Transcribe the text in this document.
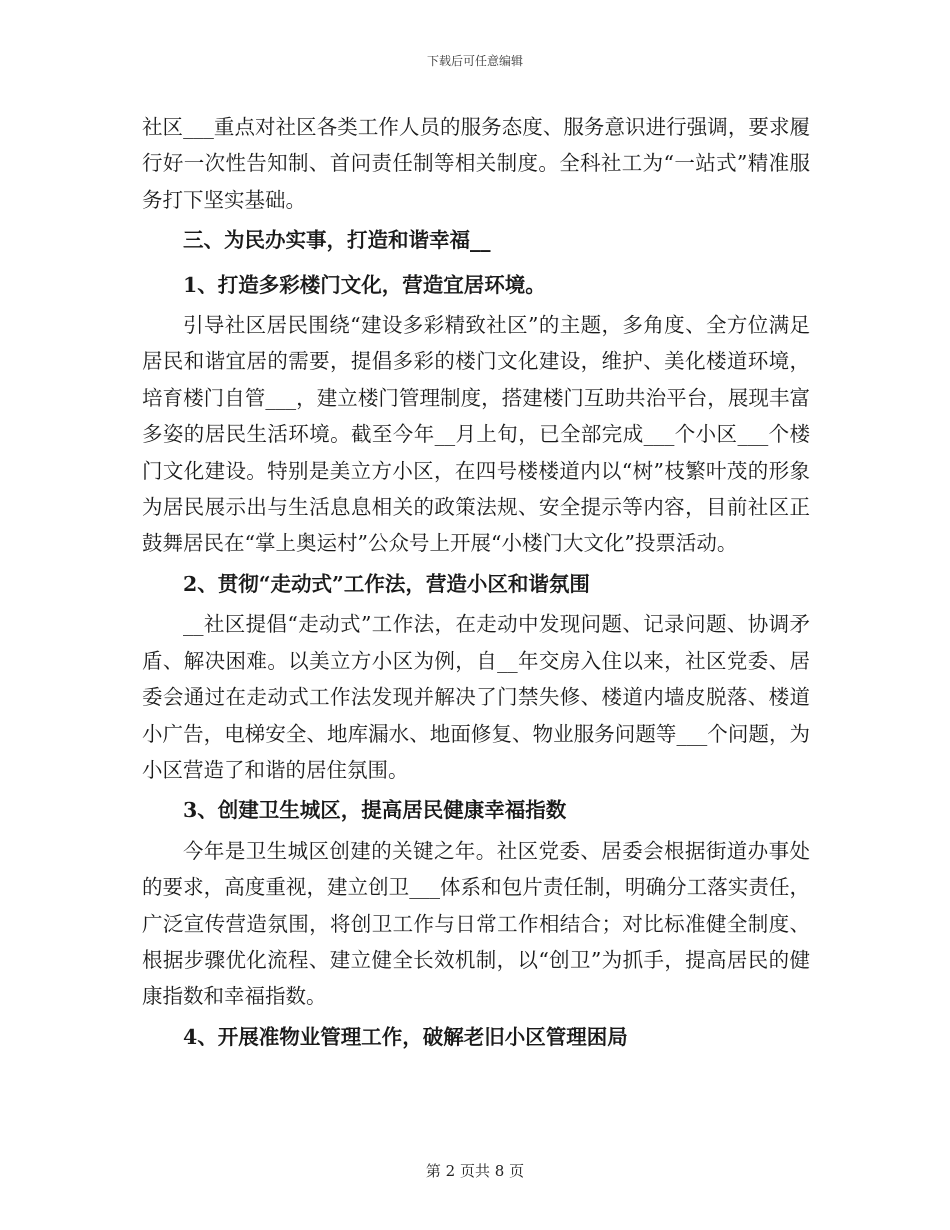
下载后可任意编辑

社区___重点对社区各类工作人员的服务态度、服务意识进行强调，要求履行好一次性告知制、首问责任制等相关制度。全科社工为“一站式”精准服务打下坚实基础。

三、为民办实事，打造和谐幸福__

1、打造多彩楼门文化，营造宜居环境。

引导社区居民围绕“建设多彩精致社区”的主题，多角度、全方位满足居民和谐宜居的需要，提倡多彩的楼门文化建设，维护、美化楼道环境，培育楼门自管___，建立楼门管理制度，搭建楼门互助共治平台，展现丰富多姿的居民生活环境。截至今年__月上旬，已全部完成___个小区___个楼门文化建设。特别是美立方小区，在四号楼楼道内以“树”枝繁叶茂的形象为居民展示出与生活息息相关的政策法规、安全提示等内容，目前社区正鼓舞居民在“掌上奥运村”公众号上开展“小楼门大文化”投票活动。

2、贯彻“走动式”工作法，营造小区和谐氛围

__社区提倡“走动式”工作法，在走动中发现问题、记录问题、协调矛盾、解决困难。以美立方小区为例，自__年交房入住以来，社区党委、居委会通过在走动式工作法发现并解决了门禁失修、楼道内墙皮脱落、楼道小广告，电梯安全、地库漏水、地面修复、物业服务问题等___个问题，为小区营造了和谐的居住氛围。

3、创建卫生城区，提高居民健康幸福指数

今年是卫生城区创建的关键之年。社区党委、居委会根据街道办事处的要求，高度重视，建立创卫___体系和包片责任制，明确分工落实责任，广泛宣传营造氛围，将创卫工作与日常工作相结合；对比标准健全制度、根据步骤优化流程、建立健全长效机制，以“创卫”为抓手，提高居民的健康指数和幸福指数。

4、开展准物业管理工作，破解老旧小区管理困局

第 2 页共 8 页
